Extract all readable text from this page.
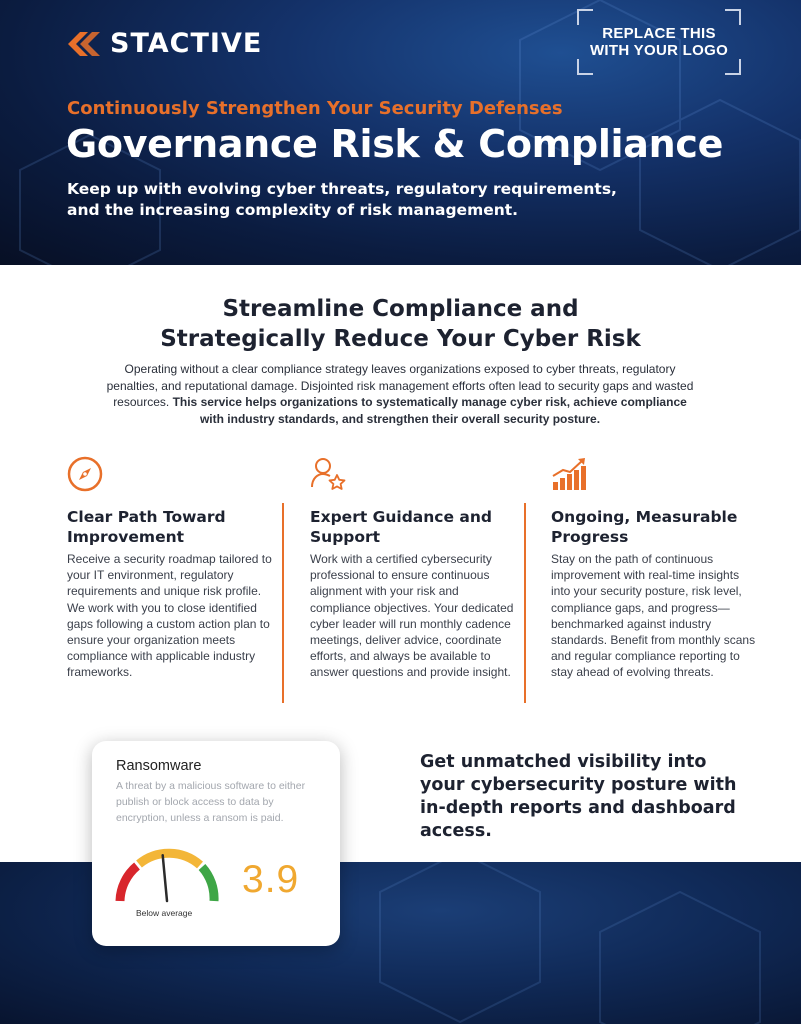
STACTIVE	REPLACE THIS
WITH YOUR LOGO
Continuously Strengthen Your Security Defenses
Governance Risk & Compliance

Keep up with evolving cyber threats, regulatory requirements, and the increasing complexity of risk management.

Streamline Compliance and
Strategically Reduce Your Cyber Risk

Operating without a clear compliance strategy leaves organizations exposed to cyber threats, regulatory penalties, and reputational damage. Disjointed risk management efforts often lead to security gaps and wasted resources. This service helps organizations to systematically manage cyber risk, achieve compliance with industry standards, and strengthen their overall security posture.

Clear Path Toward Improvement

Receive a security roadmap tailored to your IT environment, regulatory requirements and unique risk profile. We work with you to close identified gaps following a custom action plan to ensure your organization meets compliance with applicable industry frameworks.

Expert Guidance and Support

Work with a certified cybersecurity professional to ensure continuous alignment with your risk and compliance objectives. Your dedicated cyber leader will run monthly cadence meetings, deliver advice, coordinate efforts, and always be available to answer questions and provide insight.

Ongoing, Measurable Progress

Stay on the path of continuous improvement with real-time insights into your security posture, risk level, compliance gaps, and progress—benchmarked against industry standards. Benefit from monthly scans and regular compliance reporting to stay ahead of evolving threats.

Ransomware
A threat by a malicious software to either publish or block access to data by encryption, unless a ransom is paid.
Below average
3.9

Get unmatched visibility into your cybersecurity posture with in-depth reports and dashboard access.
